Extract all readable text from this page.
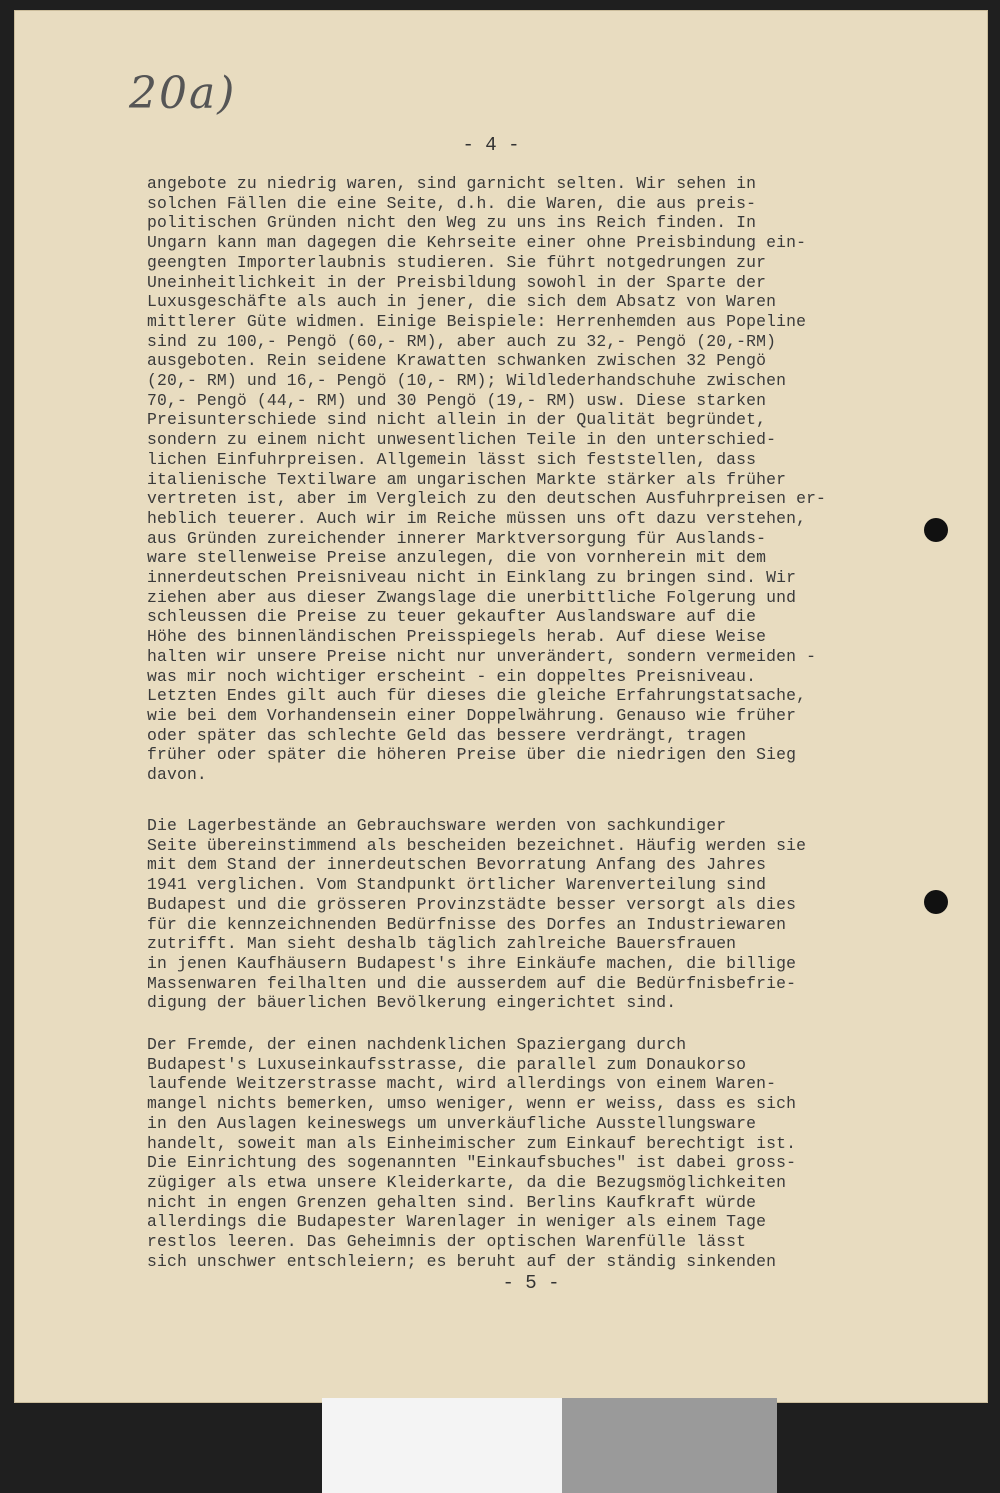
20a)
- 4 -
angebote zu niedrig waren, sind garnicht selten. Wir sehen in
solchen Fällen die eine Seite, d.h. die Waren, die aus preis-
politischen Gründen nicht den Weg zu uns ins Reich finden. In
Ungarn kann man dagegen die Kehrseite einer ohne Preisbindung ein-
geengten Importerlaubnis studieren. Sie führt notgedrungen zur
Uneinheitlichkeit in der Preisbildung sowohl in der Sparte der
Luxusgeschäfte als auch in jener, die sich dem Absatz von Waren
mittlerer Güte widmen. Einige Beispiele: Herrenhemden aus Popeline
sind zu 100,- Pengö (60,- RM), aber auch zu 32,- Pengö (20,-RM)
ausgeboten. Rein seidene Krawatten schwanken zwischen 32 Pengö
(20,- RM) und 16,- Pengö (10,- RM); Wildlederhandschuhe zwischen
70,- Pengö (44,- RM) und 30 Pengö (19,- RM) usw. Diese starken
Preisunterschiede sind nicht allein in der Qualität begründet,
sondern zu einem nicht unwesentlichen Teile in den unterschied-
lichen Einfuhrpreisen. Allgemein lässt sich feststellen, dass
italienische Textilware am ungarischen Markte stärker als früher
vertreten ist, aber im Vergleich zu den deutschen Ausfuhrpreisen er-
heblich teuerer. Auch wir im Reiche müssen uns oft dazu verstehen,
aus Gründen zureichender innerer Marktversorgung für Auslands-
ware stellenweise Preise anzulegen, die von vornherein mit dem
innerdeutschen Preisniveau nicht in Einklang zu bringen sind. Wir
ziehen aber aus dieser Zwangslage die unerbittliche Folgerung und
schleussen die Preise zu teuer gekaufter Auslandsware auf die
Höhe des binnenländischen Preisspiegels herab. Auf diese Weise
halten wir unsere Preise nicht nur unverändert, sondern vermeiden -
was mir noch wichtiger erscheint - ein doppeltes Preisniveau.
Letzten Endes gilt auch für dieses die gleiche Erfahrungstatsache,
wie bei dem Vorhandensein einer Doppelwährung. Genauso wie früher
oder später das schlechte Geld das bessere verdrängt, tragen
früher oder später die höheren Preise über die niedrigen den Sieg
davon.
Die Lagerbestände an Gebrauchsware werden von sachkundiger
Seite übereinstimmend als bescheiden bezeichnet. Häufig werden sie
mit dem Stand der innerdeutschen Bevorratung Anfang des Jahres
1941 verglichen. Vom Standpunkt örtlicher Warenverteilung sind
Budapest und die grösseren Provinzstädte besser versorgt als dies
für die kennzeichnenden Bedürfnisse des Dorfes an Industriewaren
zutrifft. Man sieht deshalb täglich zahlreiche Bauersfrauen
in jenen Kaufhäusern Budapest's ihre Einkäufe machen, die billige
Massenwaren feilhalten und die ausserdem auf die Bedürfnisbefrie-
digung der bäuerlichen Bevölkerung eingerichtet sind.
Der Fremde, der einen nachdenklichen Spaziergang durch
Budapest's Luxuseinkaufsstrasse, die parallel zum Donaukorso
laufende Weitzerstrasse macht, wird allerdings von einem Waren-
mangel nichts bemerken, umso weniger, wenn er weiss, dass es sich
in den Auslagen keineswegs um unverkäufliche Ausstellungsware
handelt, soweit man als Einheimischer zum Einkauf berechtigt ist.
Die Einrichtung des sogenannten "Einkaufsbuches" ist dabei gross-
zügiger als etwa unsere Kleiderkarte, da die Bezugsmöglichkeiten
nicht in engen Grenzen gehalten sind. Berlins Kaufkraft würde
allerdings die Budapester Warenlager in weniger als einem Tage
restlos leeren. Das Geheimnis der optischen Warenfülle lässt
sich unschwer entschleiern; es beruht auf der ständig sinkenden
- 5 -
